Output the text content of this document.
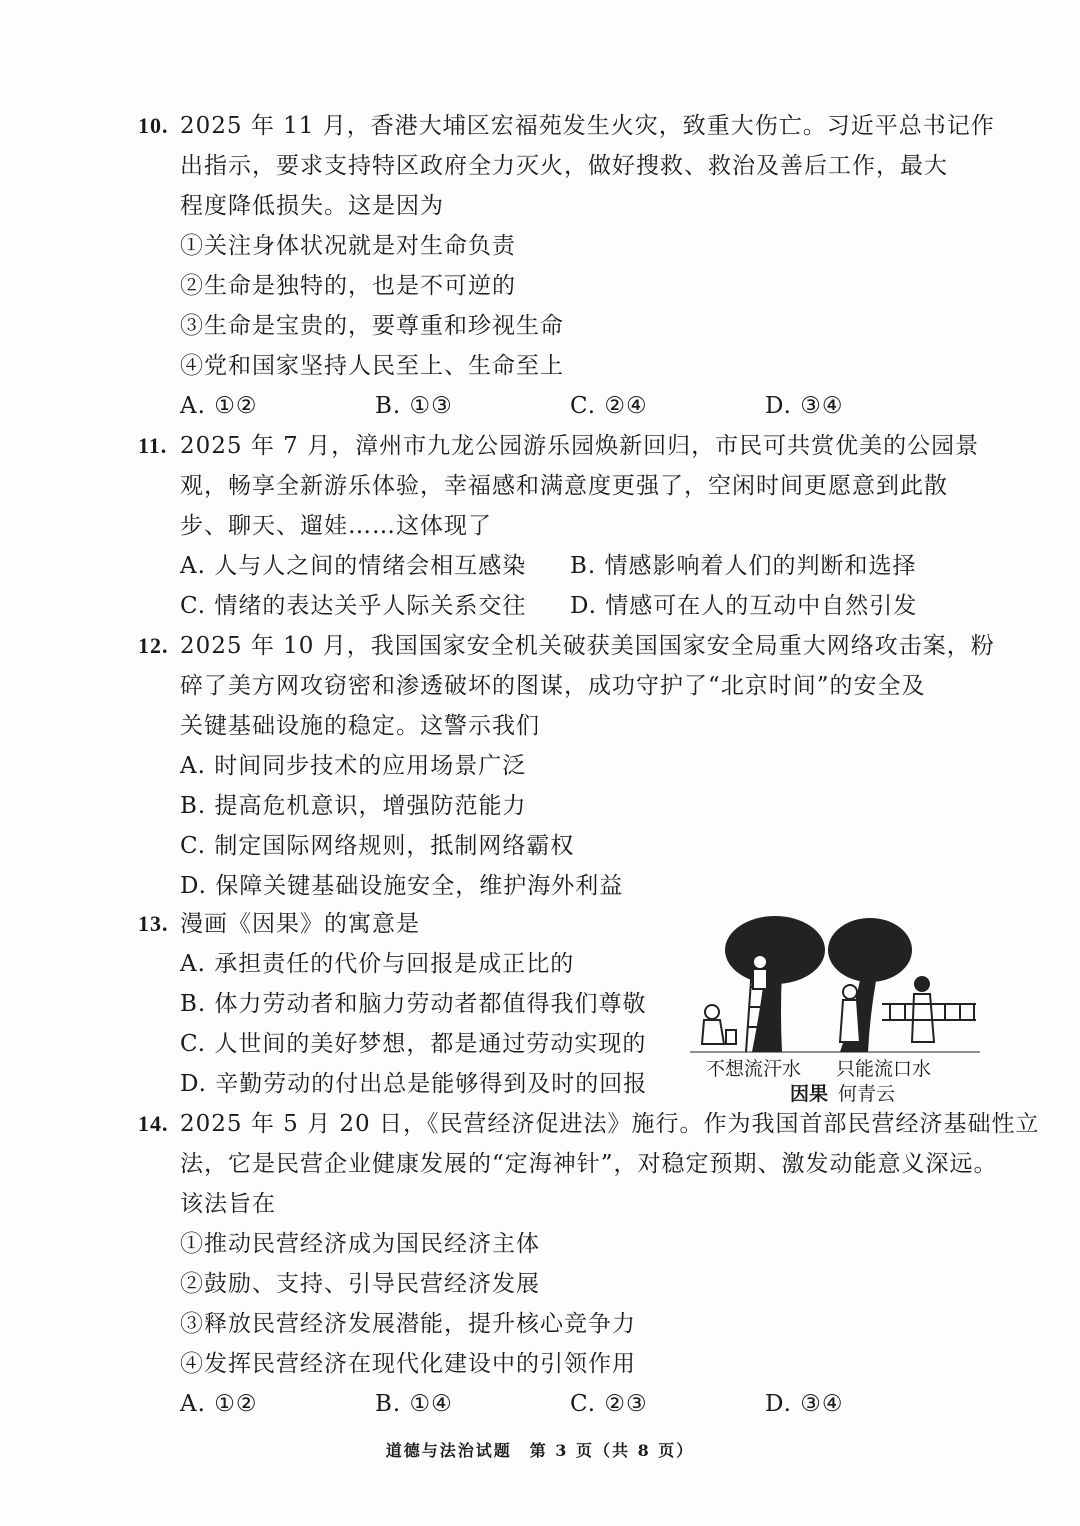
10. 2025 年 11 月，香港大埔区宏福苑发生火灾，致重大伤亡。习近平总书记作
出指示，要求支持特区政府全力灭火，做好搜救、救治及善后工作，最大
程度降低损失。这是因为
①关注身体状况就是对生命负责
②生命是独特的，也是不可逆的
③生命是宝贵的，要尊重和珍视生命
④党和国家坚持人民至上、生命至上
A. ①②	B. ①③	C. ②④	D. ③④
11. 2025 年 7 月，漳州市九龙公园游乐园焕新回归，市民可共赏优美的公园景
观，畅享全新游乐体验，幸福感和满意度更强了，空闲时间更愿意到此散
步、聊天、遛娃……这体现了
A. 人与人之间的情绪会相互感染	B. 情感影响着人们的判断和选择
C. 情绪的表达关乎人际关系交往	D. 情感可在人的互动中自然引发
12. 2025 年 10 月，我国国家安全机关破获美国国家安全局重大网络攻击案，粉
碎了美方网攻窃密和渗透破坏的图谋，成功守护了“北京时间”的安全及
关键基础设施的稳定。这警示我们
A. 时间同步技术的应用场景广泛
B. 提高危机意识，增强防范能力
C. 制定国际网络规则，抵制网络霸权
D. 保障关键基础设施安全，维护海外利益
13. 漫画《因果》的寓意是
A. 承担责任的代价与回报是成正比的
B. 体力劳动者和脑力劳动者都值得我们尊敬
C. 人世间的美好梦想，都是通过劳动实现的
D. 辛勤劳动的付出总是能够得到及时的回报
不想流汗水 只能流口水
因果 何青云
14. 2025 年 5 月 20 日，《民营经济促进法》施行。作为我国首部民营经济基础性立
法，它是民营企业健康发展的“定海神针”，对稳定预期、激发动能意义深远。
该法旨在
①推动民营经济成为国民经济主体
②鼓励、支持、引导民营经济发展
③释放民营经济发展潜能，提升核心竞争力
④发挥民营经济在现代化建设中的引领作用
A. ①②	B. ①④	C. ②③	D. ③④
道德与法治试题　第 3 页（共 8 页）
